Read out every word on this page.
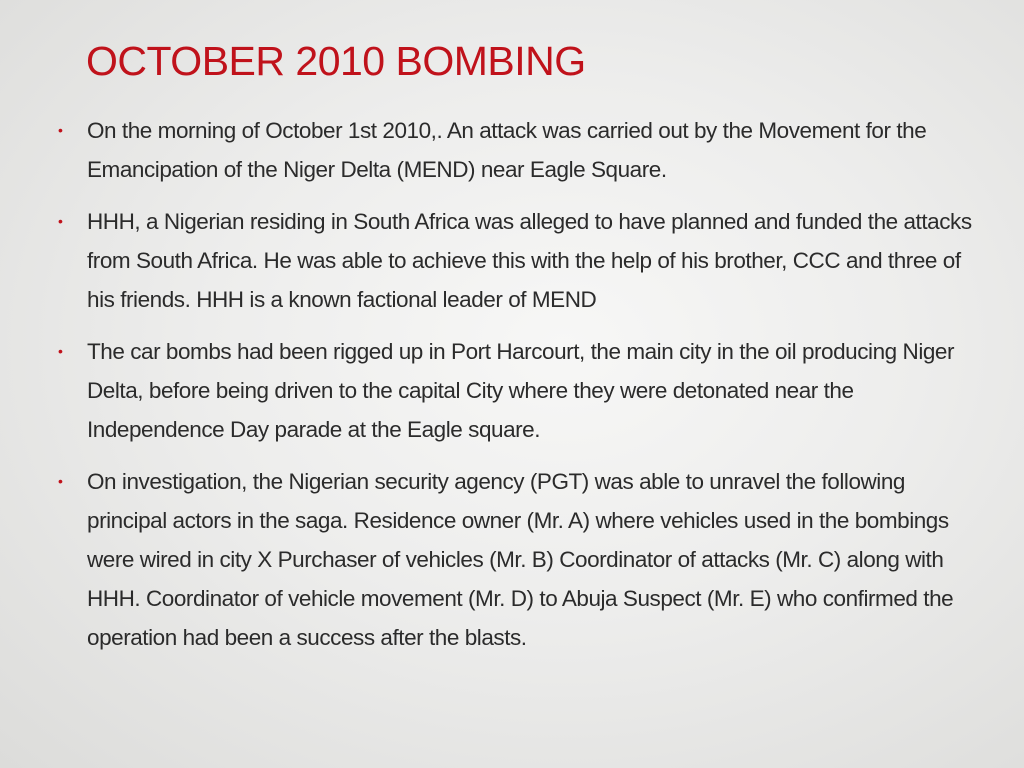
OCTOBER 2010 BOMBING
• On the morning of October 1st 2010,. An attack was carried out by the Movement for the Emancipation of the Niger Delta (MEND) near Eagle Square.
• HHH, a Nigerian residing in South Africa was alleged to have planned and funded the attacks from South Africa. He was able to achieve this with the help of his brother, CCC and three of his friends. HHH is a known factional leader of MEND
• The car bombs had been rigged up in Port Harcourt, the main city in the oil producing Niger Delta, before being driven to the capital City where they were detonated near the Independence Day parade at the Eagle square.
• On investigation, the Nigerian security agency (PGT) was able to unravel the following principal actors in the saga. Residence owner (Mr. A) where vehicles used in the bombings were wired in city X Purchaser of vehicles (Mr. B) Coordinator of attacks (Mr. C) along with HHH. Coordinator of vehicle movement (Mr. D) to Abuja Suspect (Mr. E) who confirmed the operation had been a success after the blasts.
